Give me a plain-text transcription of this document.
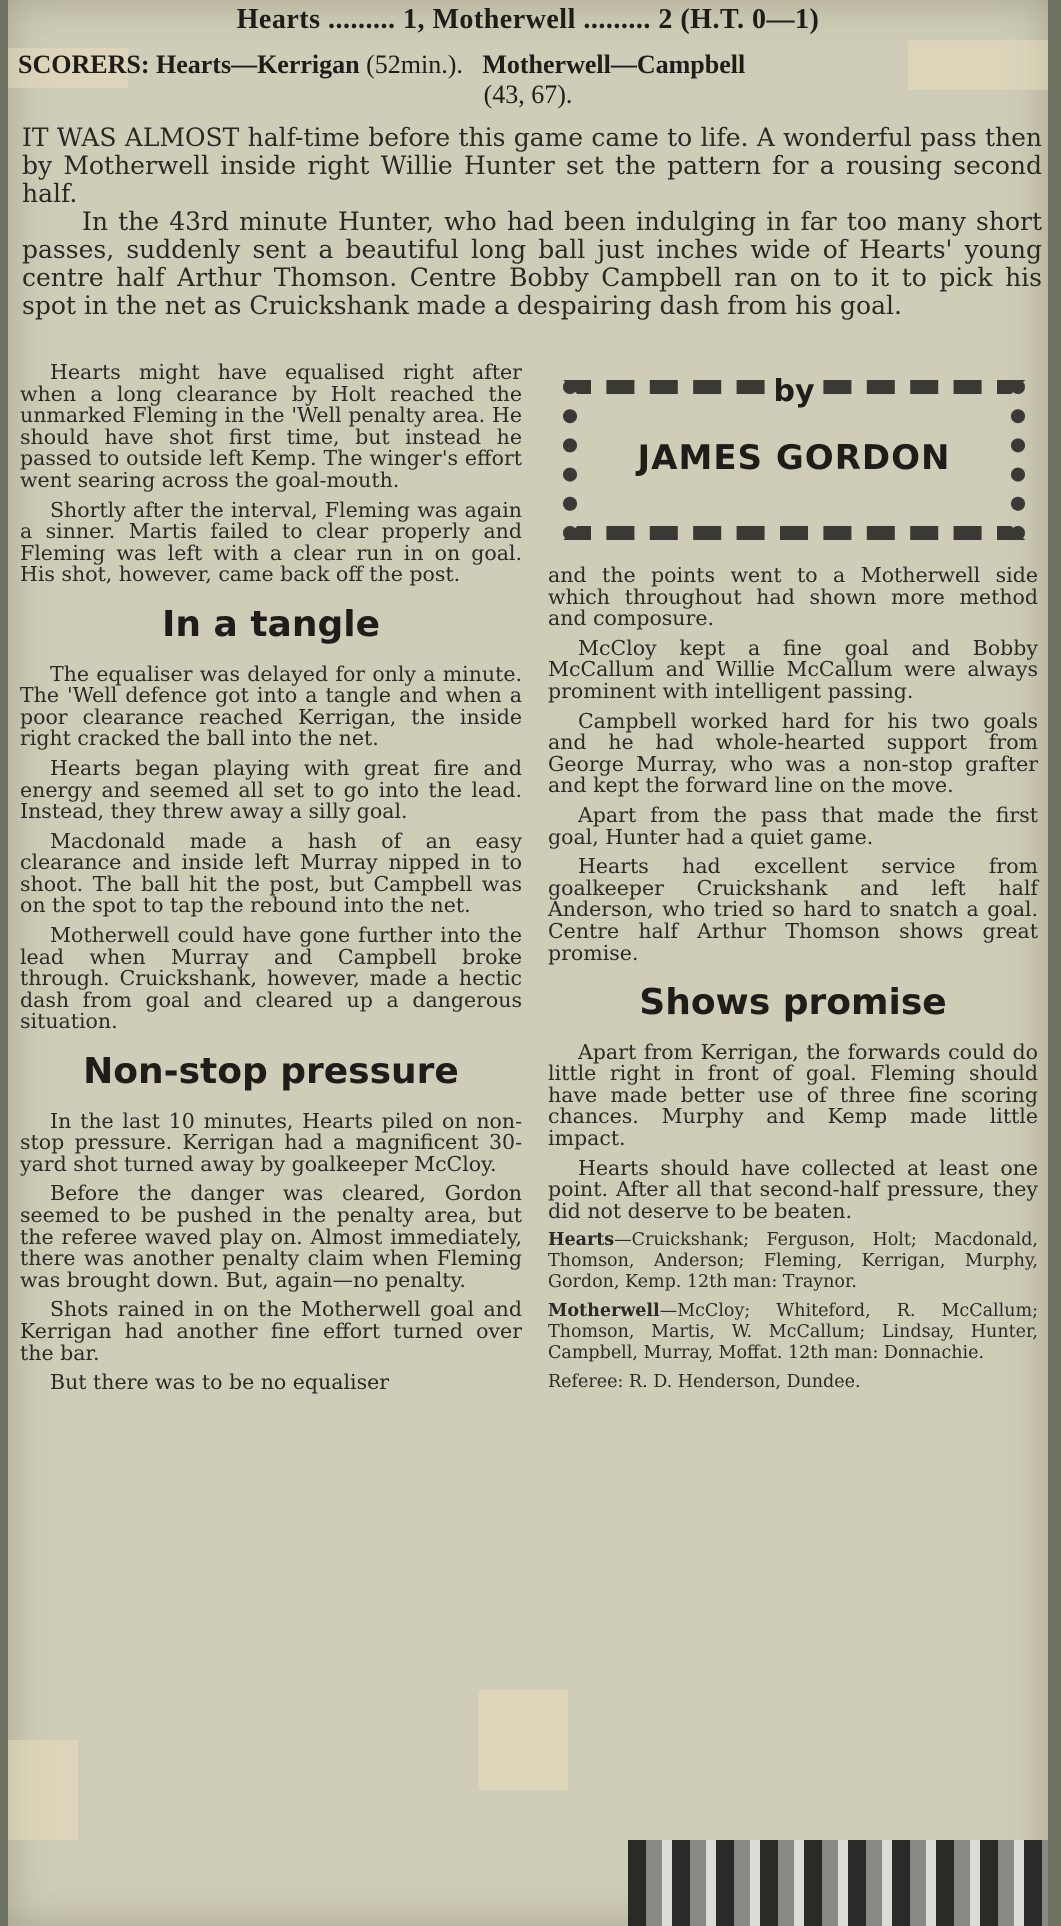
Hearts ......... 1, Motherwell ......... 2 (H.T. 0—1)
SCORERS: Hearts—Kerrigan (52min.). Motherwell—Campbell
(43, 67).

IT WAS ALMOST half-time before this game came to life. A wonderful pass then by Motherwell inside right Willie Hunter set the pattern for a rousing second half.

In the 43rd minute Hunter, who had been indulging in far too many short passes, suddenly sent a beautiful long ball just inches wide of Hearts' young centre half Arthur Thomson. Centre Bobby Campbell ran on to it to pick his spot in the net as Cruickshank made a despairing dash from his goal.

by
JAMES GORDON

Hearts might have equalised right after when a long clearance by Holt reached the unmarked Fleming in the 'Well penalty area. He should have shot first time, but instead he passed to outside left Kemp. The winger's effort went searing across the goal-mouth.

Shortly after the interval, Fleming was again a sinner. Martis failed to clear properly and Fleming was left with a clear run in on goal. His shot, however, came back off the post.

In a tangle

The equaliser was delayed for only a minute. The 'Well defence got into a tangle and when a poor clearance reached Kerrigan, the inside right cracked the ball into the net.

Hearts began playing with great fire and energy and seemed all set to go into the lead. Instead, they threw away a silly goal.

Macdonald made a hash of an easy clearance and inside left Murray nipped in to shoot. The ball hit the post, but Campbell was on the spot to tap the rebound into the net.

Motherwell could have gone further into the lead when Murray and Campbell broke through. Cruickshank, however, made a hectic dash from goal and cleared up a dangerous situation.

Non-stop pressure

In the last 10 minutes, Hearts piled on non-stop pressure. Kerrigan had a magnificent 30-yard shot turned away by goalkeeper McCloy.

Before the danger was cleared, Gordon seemed to be pushed in the penalty area, but the referee waved play on. Almost immediately, there was another penalty claim when Fleming was brought down. But, again—no penalty.

Shots rained in on the Motherwell goal and Kerrigan had another fine effort turned over the bar.

But there was to be no equaliser

and the points went to a Motherwell side which throughout had shown more method and composure.

McCloy kept a fine goal and Bobby McCallum and Willie McCallum were always prominent with intelligent passing.

Campbell worked hard for his two goals and he had whole-hearted support from George Murray, who was a non-stop grafter and kept the forward line on the move.

Apart from the pass that made the first goal, Hunter had a quiet game.

Hearts had excellent service from goalkeeper Cruickshank and left half Anderson, who tried so hard to snatch a goal. Centre half Arthur Thomson shows great promise.

Shows promise

Apart from Kerrigan, the forwards could do little right in front of goal. Fleming should have made better use of three fine scoring chances. Murphy and Kemp made little impact.

Hearts should have collected at least one point. After all that second-half pressure, they did not deserve to be beaten.

Hearts—Cruickshank; Ferguson, Holt; Macdonald, Thomson, Anderson; Fleming, Kerrigan, Murphy, Gordon, Kemp. 12th man: Traynor.

Motherwell—McCloy; Whiteford, R. McCallum; Thomson, Martis, W. McCallum; Lindsay, Hunter, Campbell, Murray, Moffat. 12th man: Donnachie.

Referee: R. D. Henderson, Dundee.
